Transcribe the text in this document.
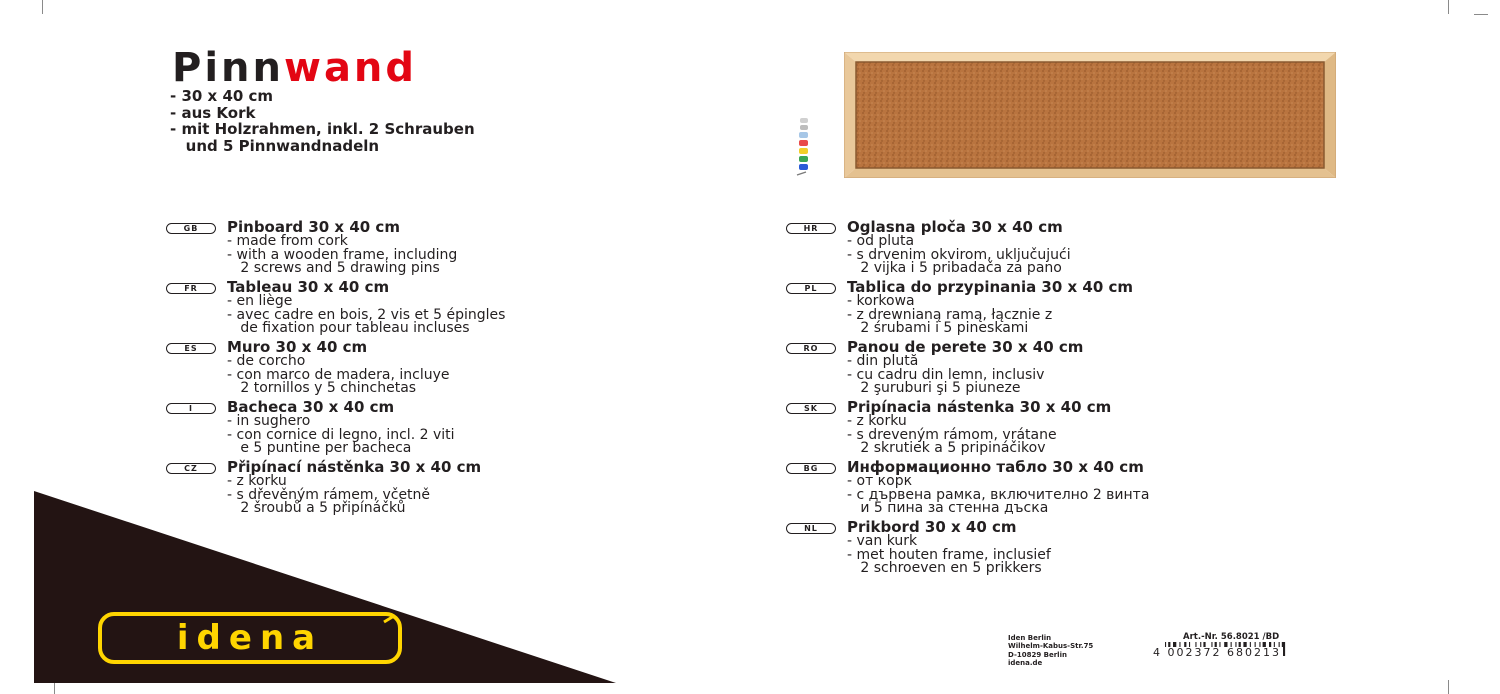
Pinnwand
- 30 x 40 cm
- aus Kork
- mit Holzrahmen, inkl. 2 Schrauben
und 5 Pinnwandnadeln
GB	Pinboard 30 x 40 cm
- made from cork
- with a wooden frame, including
2 screws and 5 drawing pins
FR	Tableau 30 x 40 cm
- en liège
- avec cadre en bois, 2 vis et 5 épingles
de fixation pour tableau incluses
ES	Muro 30 x 40 cm
- de corcho
- con marco de madera, incluye
2 tornillos y 5 chinchetas
I	Bacheca 30 x 40 cm
- in sughero
- con cornice di legno, incl. 2 viti
e 5 puntine per bacheca
CZ	Připínací nástěnka 30 x 40 cm
- z korku
- s dřevěným rámem, včetně
2 šroubů a 5 připínáčků
HR	Oglasna ploča 30 x 40 cm
- od pluta
- s drvenim okvirom, uključujući
2 vijka i 5 pribadača za pano
PL	Tablica do przypinania 30 x 40 cm
- korkowa
- z drewnianą ramą, łącznie z
2 śrubami i 5 pineskami
RO	Panou de perete 30 x 40 cm
- din plută
- cu cadru din lemn, inclusiv
2 şuruburi şi 5 piuneze
SK	Pripínacia nástenka 30 x 40 cm
- z korku
- s dreveným rámom, vrátane
2 skrutiek a 5 pripináčikov
BG	Информационно табло 30 x 40 cm
- от корк
- с дървена рамка, включително 2 винта
и 5 пина за стенна дъска
NL	Prikbord 30 x 40 cm
- van kurk
- met houten frame, inclusief
2 schroeven en 5 prikkers
idena	Iden Berlin
Wilhelm-Kabus-Str.75
D-10829 Berlin
idena.de
Art.-Nr. 56.8021 /BD
4 002372 680213
